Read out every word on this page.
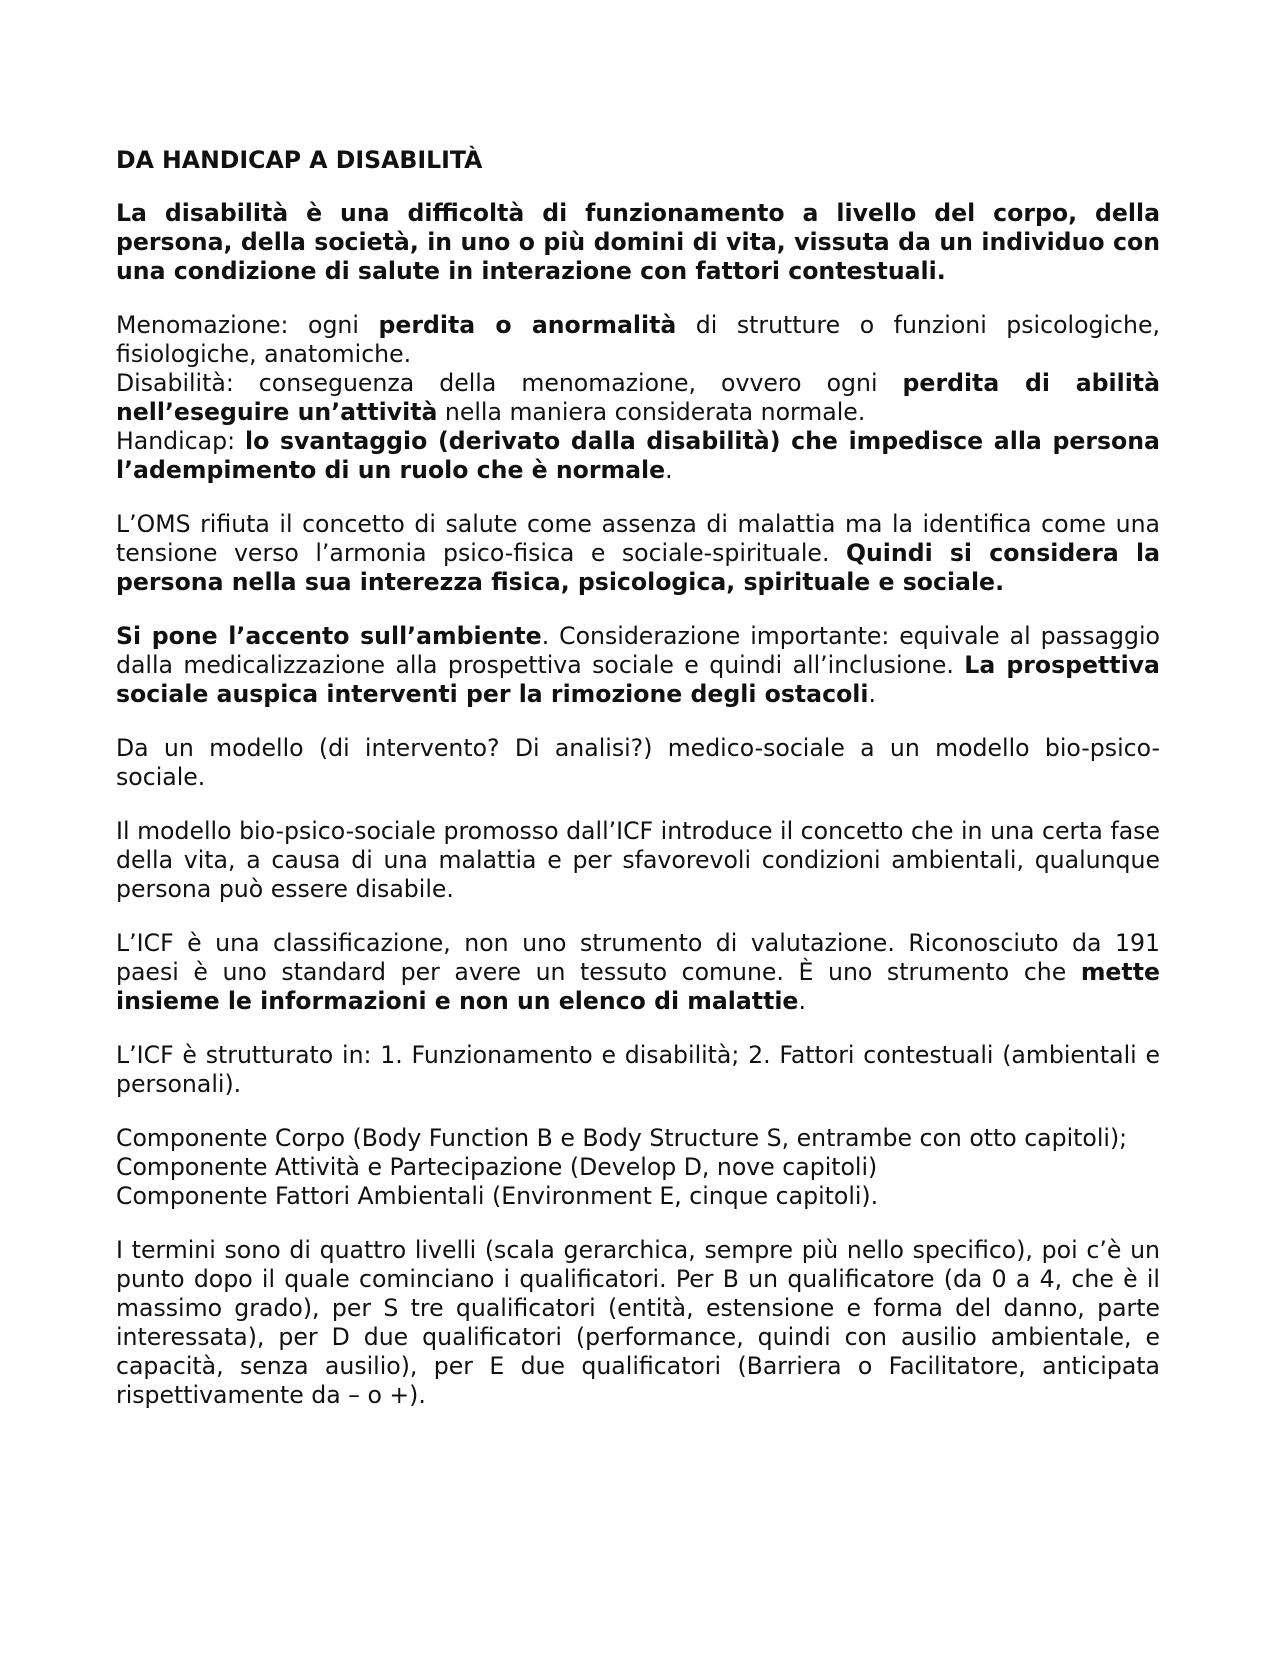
DA HANDICAP A DISABILITÀ

La disabilità è una difficoltà di funzionamento a livello del corpo, della persona, della società, in uno o più domini di vita, vissuta da un individuo con una condizione di salute in interazione con fattori contestuali.

Menomazione: ogni perdita o anormalità di strutture o funzioni psicologiche, fisiologiche, anatomiche.
Disabilità: conseguenza della menomazione, ovvero ogni perdita di abilità nell’eseguire un’attività nella maniera considerata normale.
Handicap: lo svantaggio (derivato dalla disabilità) che impedisce alla persona l’adempimento di un ruolo che è normale.

L’OMS rifiuta il concetto di salute come assenza di malattia ma la identifica come una tensione verso l’armonia psico-fisica e sociale-spirituale. Quindi si considera la persona nella sua interezza fisica, psicologica, spirituale e sociale.

Si pone l’accento sull’ambiente. Considerazione importante: equivale al passaggio dalla medicalizzazione alla prospettiva sociale e quindi all’inclusione. La prospettiva sociale auspica interventi per la rimozione degli ostacoli.

Da un modello (di intervento? Di analisi?) medico-sociale a un modello bio-psico-sociale.

Il modello bio-psico-sociale promosso dall’ICF introduce il concetto che in una certa fase della vita, a causa di una malattia e per sfavorevoli condizioni ambientali, qualunque persona può essere disabile.

L’ICF è una classificazione, non uno strumento di valutazione. Riconosciuto da 191 paesi è uno standard per avere un tessuto comune. È uno strumento che mette insieme le informazioni e non un elenco di malattie.

L’ICF è strutturato in: 1. Funzionamento e disabilità; 2. Fattori contestuali (ambientali e personali).

Componente Corpo (Body Function B e Body Structure S, entrambe con otto capitoli);
Componente Attività e Partecipazione (Develop D, nove capitoli)
Componente Fattori Ambientali (Environment E, cinque capitoli).

I termini sono di quattro livelli (scala gerarchica, sempre più nello specifico), poi c’è un punto dopo il quale cominciano i qualificatori. Per B un qualificatore (da 0 a 4, che è il massimo grado), per S tre qualificatori (entità, estensione e forma del danno, parte interessata), per D due qualificatori (performance, quindi con ausilio ambientale, e capacità, senza ausilio), per E due qualificatori (Barriera o Facilitatore, anticipata rispettivamente da – o +).
